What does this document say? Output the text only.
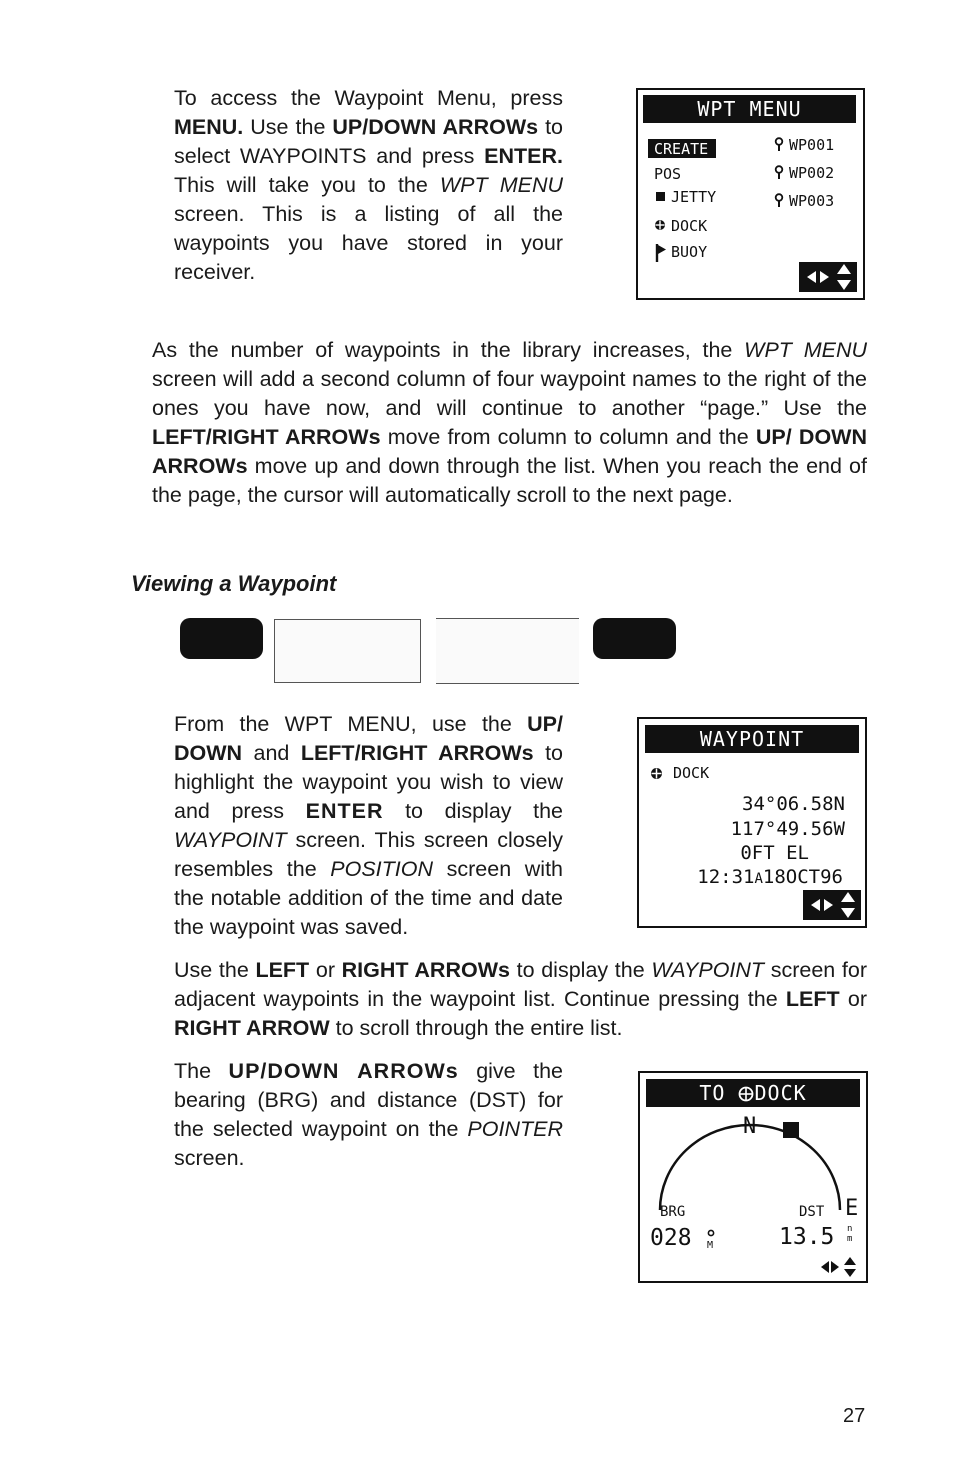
To access the Waypoint Menu, press MENU. Use the UP/DOWN ARROWs to select WAYPOINTS and press ENTER. This will take you to the WPT MENU screen. This is a listing of all the waypoints you have stored in your receiver.

WPT MENU
CREATE
POS
JETTY
DOCK
BUOY
WP001
WP002
WP003

As the number of waypoints in the library increases, the WPT MENU screen will add a second column of four waypoint names to the right of the ones you have now, and will continue to another “page.” Use the LEFT/RIGHT ARROWs move from column to column and the UP/ DOWN ARROWs move up and down through the list. When you reach the end of the page, the cursor will automatically scroll to the next page.

Viewing a Waypoint

From the WPT MENU, use the UP/ DOWN and LEFT/RIGHT ARROWs to highlight the waypoint you wish to view and press ENTER to display the WAYPOINT screen. This screen closely resembles the POSITION screen with the notable addition of the time and date the waypoint was saved.

WAYPOINT
DOCK
34°06.58N
117°49.56W
0FT EL
12:31A18OCT96

Use the LEFT or RIGHT ARROWs to display the WAYPOINT screen for adjacent waypoints in the waypoint list. Continue pressing the LEFT or RIGHT ARROW to scroll through the entire list.

The UP/DOWN ARROWs give the bearing (BRG) and distance (DST) for the selected waypoint on the POINTER screen.

TO DOCK
N
E
BRG	DST
028 M	13.5 n
m
27
